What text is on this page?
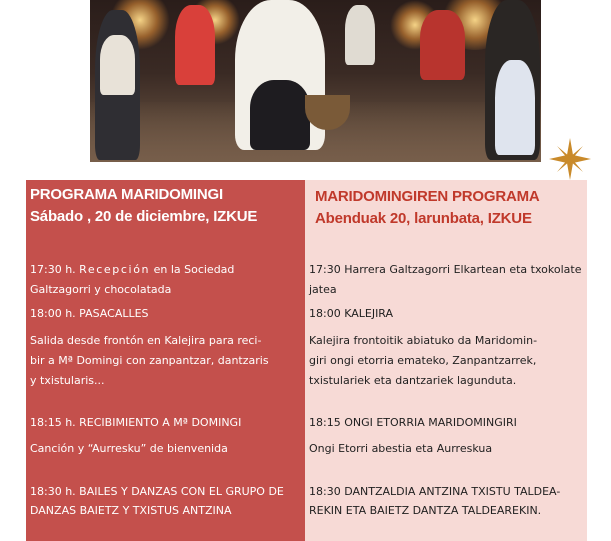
PROGRAMA MARIDOMINGI
Sábado , 20 de diciembre, IZKUE
17:30 h. Recepción en la Sociedad
Galtzagorri y chocolatada
18:00 h. PASACALLES
Salida desde frontón en Kalejira para reci-
bir a Mª Domingi con zanpantzar, dantzaris
y txistularis...
18:15 h. RECIBIMIENTO A Mª DOMINGI
Canción y “Aurresku” de bienvenida
18:30 h. BAILES Y DANZAS CON EL GRUPO DE
DANZAS BAIETZ Y TXISTUS ANTZINA
MARIDOMINGIREN PROGRAMA
Abenduak 20, larunbata, IZKUE
17:30 Harrera Galtzagorri Elkartean eta txokolate
jatea
18:00 KALEJIRA
Kalejira frontoitik abiatuko da Maridomin-
giri ongi etorria emateko, Zanpantzarrek,
txistulariek eta dantzariek lagunduta.
18:15 ONGI ETORRIA MARIDOMINGIRI
Ongi Etorri abestia eta Aurreskua
18:30 DANTZALDIA ANTZINA TXISTU TALDEA-
REKIN ETA BAIETZ DANTZA TALDEAREKIN.
